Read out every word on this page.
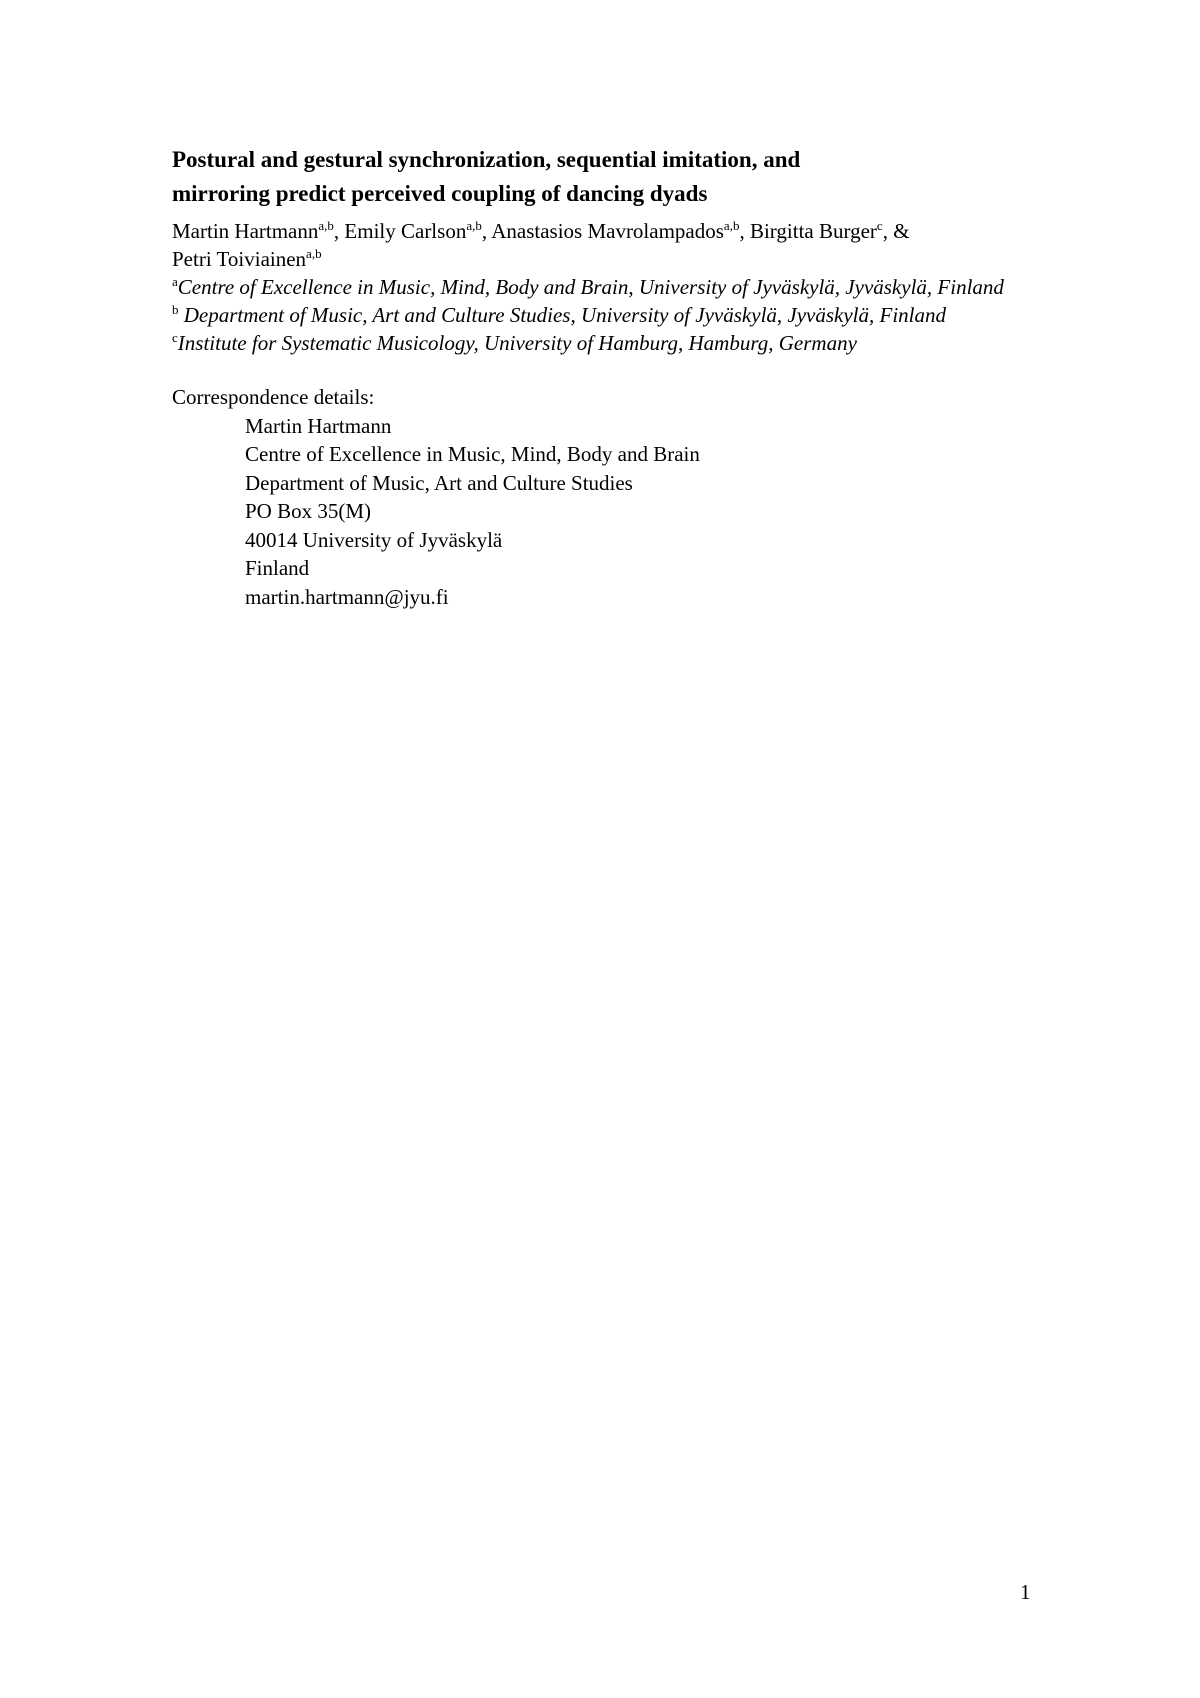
Postural and gestural synchronization, sequential imitation, and
mirroring predict perceived coupling of dancing dyads

Martin Hartmann$^{a,b}$, Emily Carlson$^{a,b}$, Anastasios Mavrolampados$^{a,b}$, Birgitta Burger$^c$, &
Petri Toiviainen$^{a,b}$

$^a$Centre of Excellence in Music, Mind, Body and Brain, University of Jyväskylä, Jyväskylä, Finland

$^b$ Department of Music, Art and Culture Studies, University of Jyväskylä, Jyväskylä, Finland

$^c$Institute for Systematic Musicology, University of Hamburg, Hamburg, Germany

Correspondence details:
Martin Hartmann
Centre of Excellence in Music, Mind, Body and Brain
Department of Music, Art and Culture Studies
PO Box 35(M)
40014 University of Jyväskylä
Finland
martin.hartmann@jyu.fi
1
